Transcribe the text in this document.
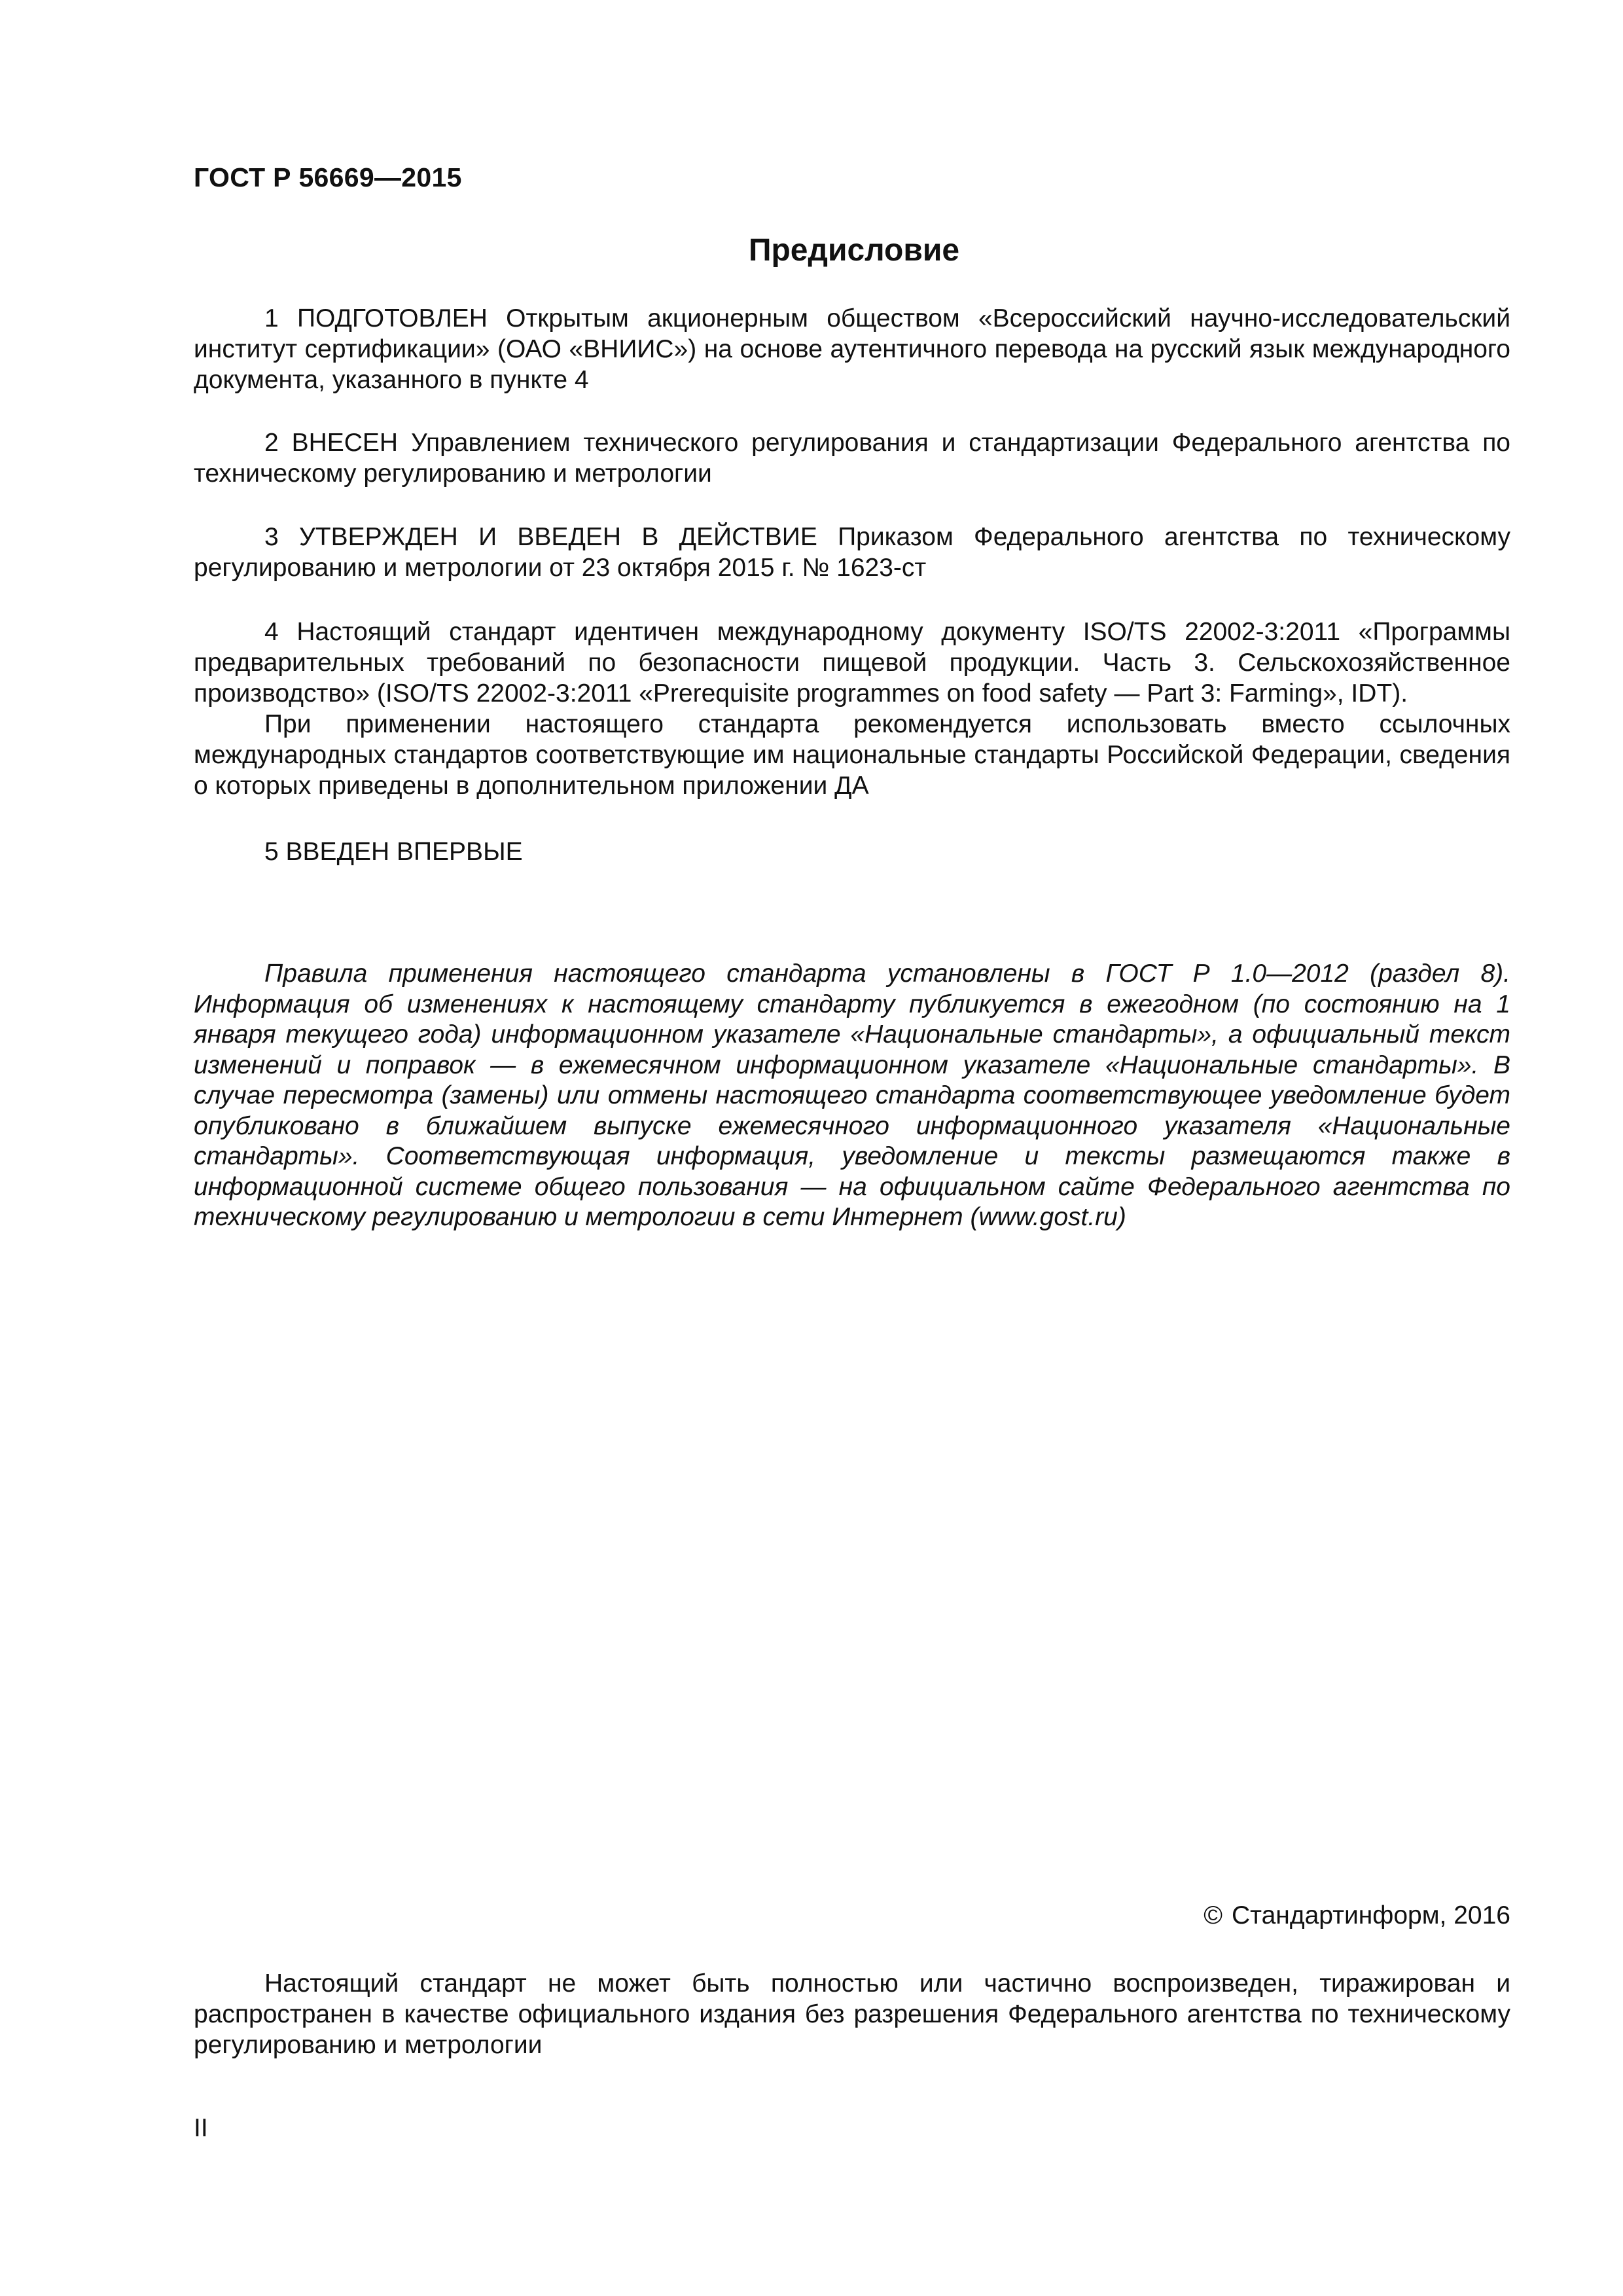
ГОСТ Р 56669—2015
Предисловие

1 ПОДГОТОВЛЕН Открытым акционерным обществом «Всероссийский научно-исследовательский институт сертификации» (ОАО «ВНИИС») на основе аутентичного перевода на русский язык международного документа, указанного в пункте 4

2 ВНЕСЕН Управлением технического регулирования и стандартизации Федерального агентства по техническому регулированию и метрологии

3 УТВЕРЖДЕН И ВВЕДЕН В ДЕЙСТВИЕ Приказом Федерального агентства по техническому регулированию и метрологии от 23 октября 2015 г. № 1623-ст

4 Настоящий стандарт идентичен международному документу ISO/TS 22002-3:2011 «Программы предварительных требований по безопасности пищевой продукции. Часть 3. Сельскохозяйственное производство» (ISO/TS 22002-3:2011 «Prerequisite programmes on food safety — Part 3: Farming», IDT).

При применении настоящего стандарта рекомендуется использовать вместо ссылочных международных стандартов соответствующие им национальные стандарты Российской Федерации, сведения о которых приведены в дополнительном приложении ДА

5 ВВЕДЕН ВПЕРВЫЕ

Правила применения настоящего стандарта установлены в ГОСТ Р 1.0—2012 (раздел 8). Информация об изменениях к настоящему стандарту публикуется в ежегодном (по состоянию на 1 января текущего года) информационном указателе «Национальные стандарты», а официальный текст изменений и поправок — в ежемесячном информационном указателе «Национальные стандарты». В случае пересмотра (замены) или отмены настоящего стандарта соответствующее уведомление будет опубликовано в ближайшем выпуске ежемесячного информационного указателя «Национальные стандарты». Соответствующая информация, уведомление и тексты размещаются также в информационной системе общего пользования — на официальном сайте Федерального агентства по техническому регулированию и метрологии в сети Интернет (www.gost.ru)

© Стандартинформ, 2016

Настоящий стандарт не может быть полностью или частично воспроизведен, тиражирован и распространен в качестве официального издания без разрешения Федерального агентства по техническому регулированию и метрологии

II
